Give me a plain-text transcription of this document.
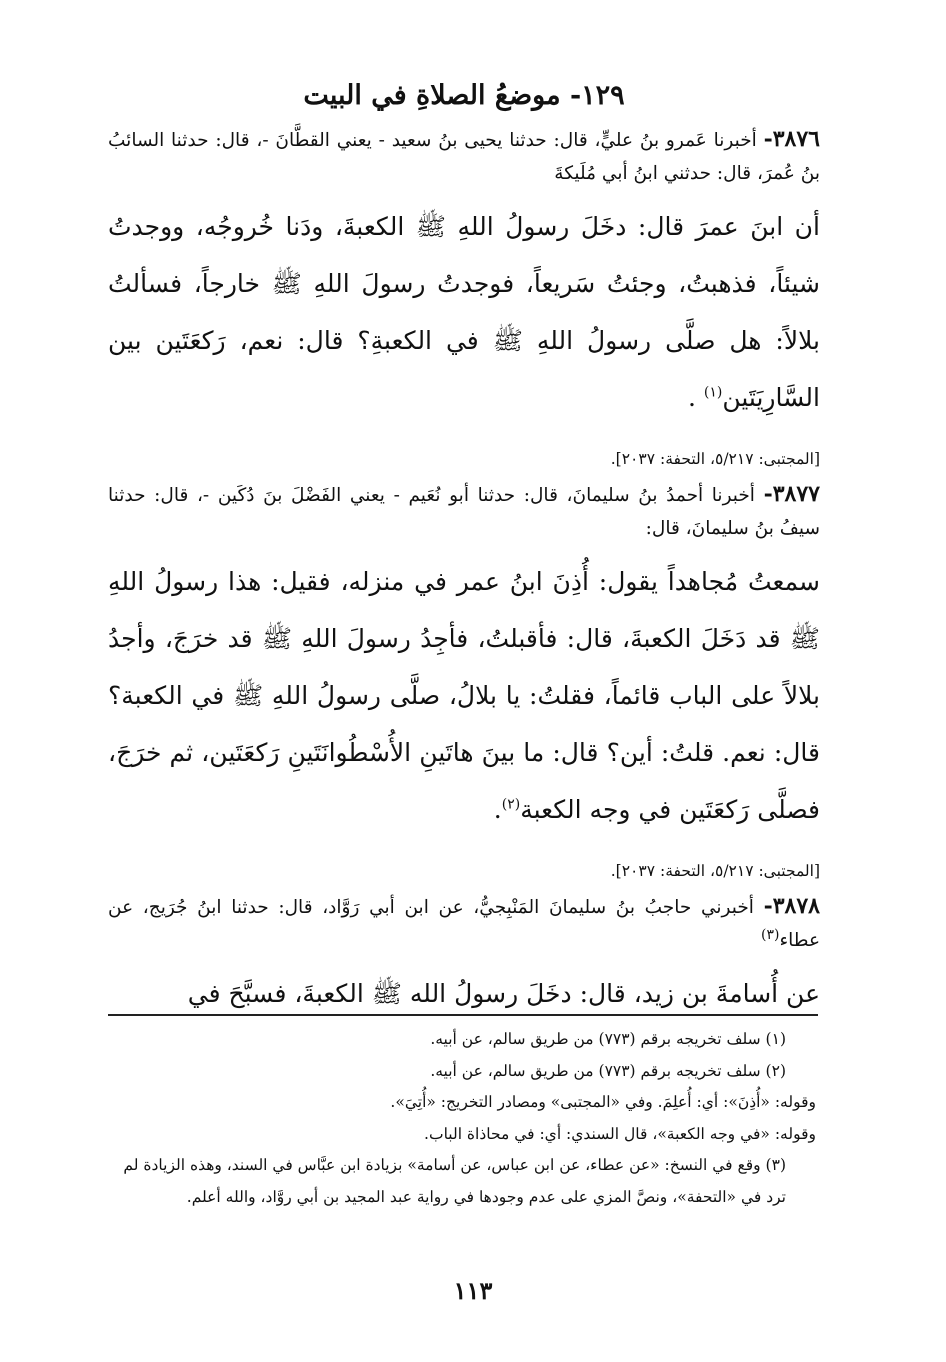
١٢٩- موضعُ الصلاةِ في البيت

٣٨٧٦- أخبرنا عَمرو بنُ عليٍّ، قال: حدثنا يحيى بنُ سعيد - يعني القطَّانَ -، قال: حدثنا السائبُ بنُ عُمرَ، قال: حدثني ابنُ أبي مُلَيكةَ

أن ابنَ عمرَ قال: دخَلَ رسولُ اللهِ ﷺ الكعبةَ، ودَنا خُروجُه، ووجدتُ شيئاً، فذهبتُ، وجئتُ سَريعاً، فوجدتُ رسولَ اللهِ ﷺ خارجاً، فسألتُ بلالاً: هل صلَّى رسولُ اللهِ ﷺ في الكعبةِ؟ قال: نعم، رَكعَتَين بين السَّارِيَتَين$^{(١)}$ .

[المجتبى: ٥/٢١٧، التحفة: ٢٠٣٧].

٣٨٧٧- أخبرنا أحمدُ بنُ سليمانَ، قال: حدثنا أبو نُعَيم - يعني الفَضْلَ بنَ دُكَين -، قال: حدثنا سيفُ بنُ سليمانَ، قال:

سمعتُ مُجاهداً يقول: أُذِنَ ابنُ عمر في منزله، فقيل: هذا رسولُ اللهِ ﷺ قد دَخَلَ الكعبةَ، قال: فأقبلتُ، فأجِدُ رسولَ اللهِ ﷺ قد خرَجَ، وأجدُ بلالاً على الباب قائماً، فقلتُ: يا بلالُ، صلَّى رسولُ اللهِ ﷺ في الكعبة؟ قال: نعم. قلتُ: أين؟ قال: ما بينَ هاتَينِ الأُسْطُوانَتَينِ رَكعَتَين، ثم خرَجَ، فصلَّى رَكعَتَين في وجه الكعبة$^{(٢)}$.

[المجتبى: ٥/٢١٧، التحفة: ٢٠٣٧].

٣٨٧٨- أخبرني حاجبُ بنُ سليمانَ المَنْبِجيُّ، عن ابن أبي رَوَّاد، قال: حدثنا ابنُ جُرَيج، عن عطاء$^{(٣)}$

عن أُسامةَ بن زيد، قال: دخَلَ رسولُ الله ﷺ الكعبةَ، فسبَّحَ في

(١) سلف تخريجه برقم (٧٧٣) من طريق سالم، عن أبيه.

(٢) سلف تخريجه برقم (٧٧٣) من طريق سالم، عن أبيه.

وقوله: «أُذِنَ»: أي: أُعلِمَ. وفي «المجتبى» ومصادر التخريج: «أُتِيَ».

وقوله: «في وجه الكعبة»، قال السندي: أي: في محاذاة الباب.

(٣) وقع في النسخ: «عن عطاء، عن ابن عباس، عن أسامة» بزيادة ابن عبَّاس في السند، وهذه الزيادة لم ترد في «التحفة»، ونصَّ المزي على عدم وجودها في رواية عبد المجيد بن أبي روَّاد، والله أعلم.

١١٣
